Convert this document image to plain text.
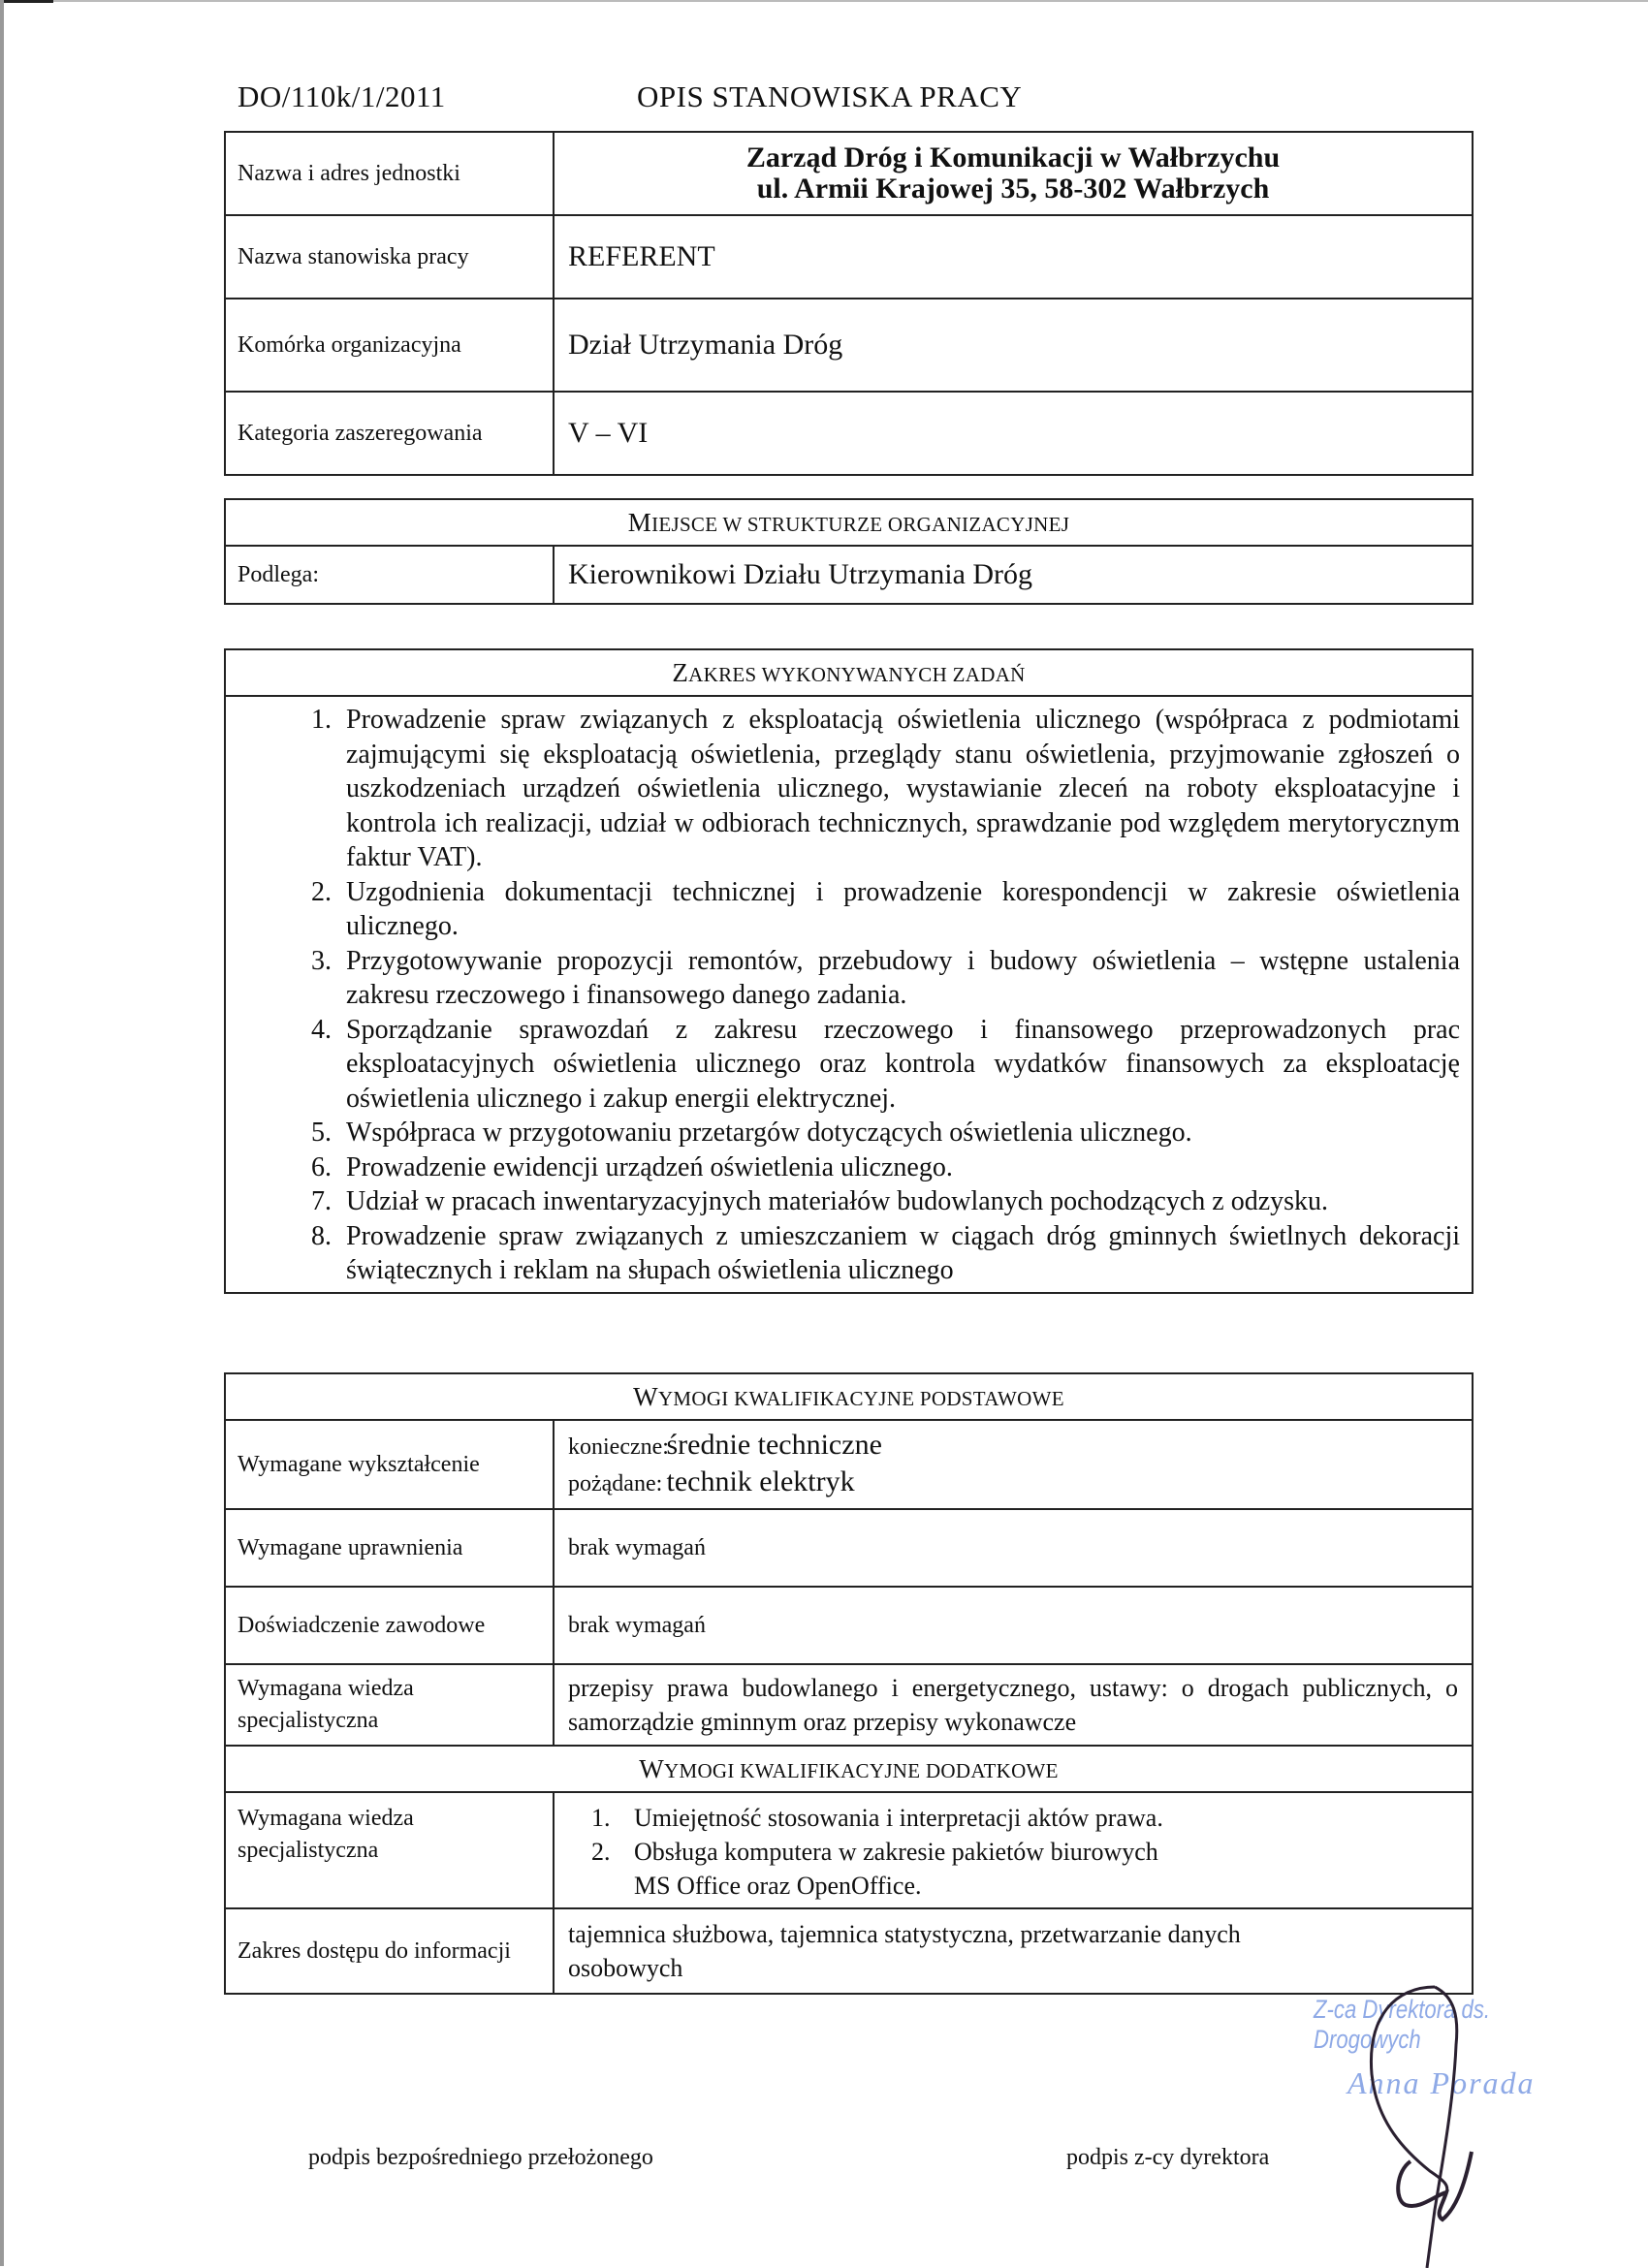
DO/110k/1/2011	OPIS STANOWISKA PRACY
Nazwa i adres jednostki	Zarząd Dróg i Komunikacji w Wałbrzychu
ul. Armii Krajowej 35, 58-302 Wałbrzych

Nazwa stanowiska pracy	REFERENT
Komórka organizacyjna	Dział Utrzymania Dróg
Kategoria zaszeregowania	V – VI
MIEJSCE W STRUKTURZE ORGANIZACYJNEJ
Podlega:	Kierownikowi Działu Utrzymania Dróg
ZAKRES WYKONYWANYCH ZADAŃ

1. Prowadzenie spraw związanych z eksploatacją oświetlenia ulicznego (współpraca z podmiotami zajmującymi się eksploatacją oświetlenia, przeglądy stanu oświetlenia, przyjmowanie zgłoszeń o uszkodzeniach urządzeń oświetlenia ulicznego, wystawianie zleceń na roboty eksploatacyjne i kontrola ich realizacji, udział w odbiorach technicznych, sprawdzanie pod względem merytorycznym faktur VAT).
2. Uzgodnienia dokumentacji technicznej i prowadzenie korespondencji w zakresie oświetlenia ulicznego.
3. Przygotowywanie propozycji remontów, przebudowy i budowy oświetlenia – wstępne ustalenia zakresu rzeczowego i finansowego danego zadania.
4. Sporządzanie sprawozdań z zakresu rzeczowego i finansowego przeprowadzonych prac eksploatacyjnych oświetlenia ulicznego oraz kontrola wydatków finansowych za eksploatację oświetlenia ulicznego i zakup energii elektrycznej.
5. Współpraca w przygotowaniu przetargów dotyczących oświetlenia ulicznego.
6. Prowadzenie ewidencji urządzeń oświetlenia ulicznego.
7. Udział w pracach inwentaryzacyjnych materiałów budowlanych pochodzących z odzysku.
8. Prowadzenie spraw związanych z umieszczaniem w ciągach dróg gminnych świetlnych dekoracji świątecznych i reklam na słupach oświetlenia ulicznego
WYMOGI KWALIFIKACYJNE PODSTAWOWE	
Wymagane wykształcenie	konieczne: średnie techniczne
pożądane: technik elektryk

Wymagane uprawnienia	brak wymagań
Doświadczenie zawodowe	brak wymagań
Wymagana wiedza specjalistyczna	przepisy prawa budowlanego i energetycznego, ustawy: o drogach publicznych, o samorządzie gminnym oraz przepisy wykonawcze
WYMOGI KWALIFIKACYJNE DODATKOWE	
Wymagana wiedza specjalistyczna	
1. Umiejętność stosowania i interpretacji aktów prawa.
2. Obsługa komputera w zakresie pakietów biurowych MS Office oraz OpenOffice.

Zakres dostępu do informacji	tajemnica służbowa, tajemnica statystyczna, przetwarzanie danych osobowych
podpis bezpośredniego przełożonego	podpis z-cy dyrektora
Z-ca Dyrektora ds. Drogowych
Anna Porada
